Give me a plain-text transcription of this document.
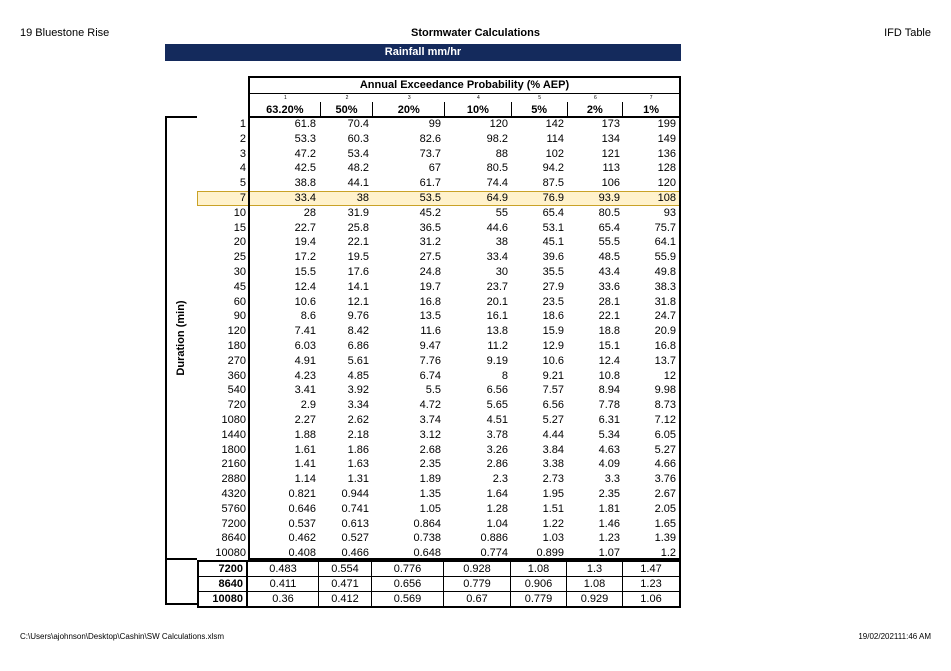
19 Bluestone Rise	Stormwater Calculations	IFD Table
Rainfall mm/hr
Annual Exceedance Probability (% AEP)
1	2	3	4	5	6	7
63.20%	50%	20%	10%	5%	2%	1%
Duration (min)
1	61.8	70.4	99	120	142	173	199
2	53.3	60.3	82.6	98.2	114	134	149
3	47.2	53.4	73.7	88	102	121	136
4	42.5	48.2	67	80.5	94.2	113	128
5	38.8	44.1	61.7	74.4	87.5	106	120
7	33.4	38	53.5	64.9	76.9	93.9	108
10	28	31.9	45.2	55	65.4	80.5	93
15	22.7	25.8	36.5	44.6	53.1	65.4	75.7
20	19.4	22.1	31.2	38	45.1	55.5	64.1
25	17.2	19.5	27.5	33.4	39.6	48.5	55.9
30	15.5	17.6	24.8	30	35.5	43.4	49.8
45	12.4	14.1	19.7	23.7	27.9	33.6	38.3
60	10.6	12.1	16.8	20.1	23.5	28.1	31.8
90	8.6	9.76	13.5	16.1	18.6	22.1	24.7
120	7.41	8.42	11.6	13.8	15.9	18.8	20.9
180	6.03	6.86	9.47	11.2	12.9	15.1	16.8
270	4.91	5.61	7.76	9.19	10.6	12.4	13.7
360	4.23	4.85	6.74	8	9.21	10.8	12
540	3.41	3.92	5.5	6.56	7.57	8.94	9.98
720	2.9	3.34	4.72	5.65	6.56	7.78	8.73
1080	2.27	2.62	3.74	4.51	5.27	6.31	7.12
1440	1.88	2.18	3.12	3.78	4.44	5.34	6.05
1800	1.61	1.86	2.68	3.26	3.84	4.63	5.27
2160	1.41	1.63	2.35	2.86	3.38	4.09	4.66
2880	1.14	1.31	1.89	2.3	2.73	3.3	3.76
4320	0.821	0.944	1.35	1.64	1.95	2.35	2.67
5760	0.646	0.741	1.05	1.28	1.51	1.81	2.05
7200	0.537	0.613	0.864	1.04	1.22	1.46	1.65
8640	0.462	0.527	0.738	0.886	1.03	1.23	1.39
10080	0.408	0.466	0.648	0.774	0.899	1.07	1.2
7200	0.483	0.554	0.776	0.928	1.08	1.3	1.47
8640	0.411	0.471	0.656	0.779	0.906	1.08	1.23
10080	0.36	0.412	0.569	0.67	0.779	0.929	1.06
C:\Users\ajohnson\Desktop\Cashin\SW Calculations.xlsm	19/02/202111:46 AM
